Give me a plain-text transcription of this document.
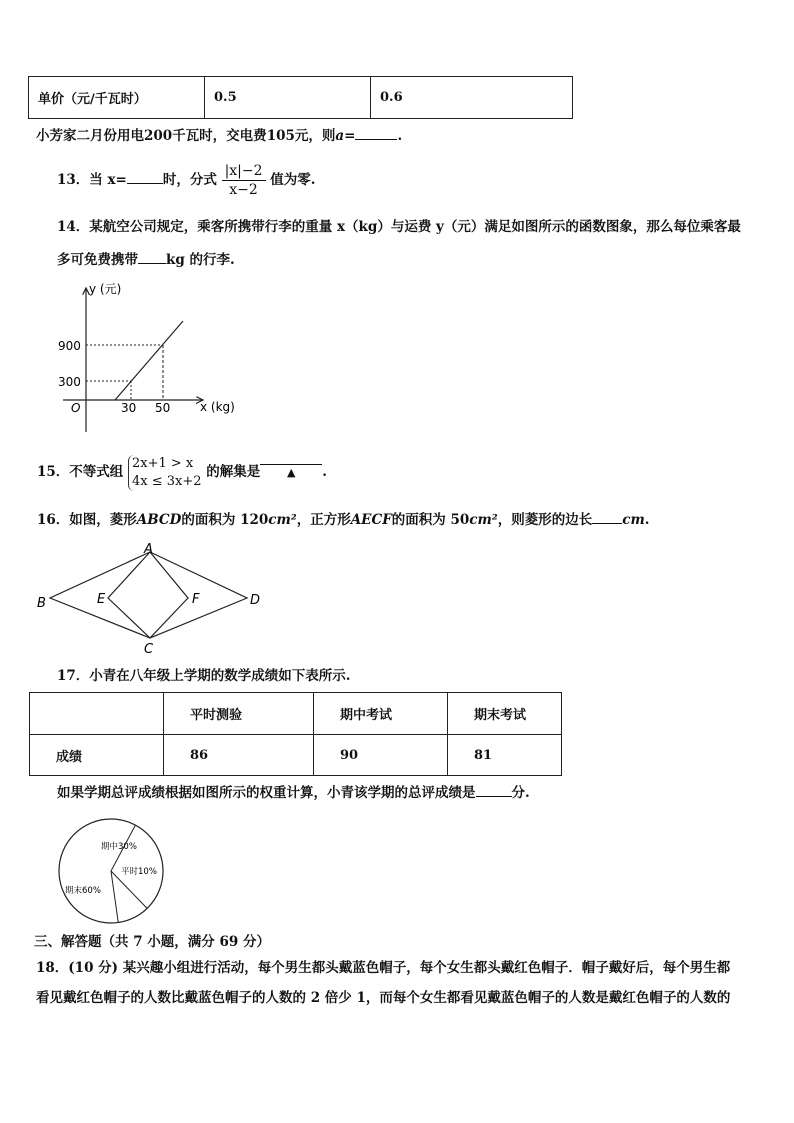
单价（元/千瓦时）	0.5	0.6
小芳家二月份用电200千瓦时，交电费105元，则a=	.
13．当 x=	时，分式 $\frac{|x|-2}{x-2}$ 值为零.
14．某航空公司规定，乘客所携带行李的重量 x（kg）与运费 y（元）满足如图所示的函数图象，那么每位乘客最
多可免费携带 kg 的行李.
y (元)
900
300
O	30 50 x (kg)
15．不等式组
2x+1 > x
4x ≤ 3x+2
的解集是 ▲ .
16．如图，菱形ABCD的面积为 120cm²，正方形AECF的面积为 50cm²，则菱形的边长 cm.
A
B
C
D
E	F
17．小青在八年级上学期的数学成绩如下表所示.
	平时测验	期中考试	期末考试
成绩	86	90	81
如果学期总评成绩根据如图所示的权重计算，小青该学期的总评成绩是	分.
期中30%
平时10%
期末60%
三、解答题（共 7 小题，满分 69 分）
18．(10 分) 某兴趣小组进行活动，每个男生都头戴蓝色帽子，每个女生都头戴红色帽子．帽子戴好后，每个男生都
看见戴红色帽子的人数比戴蓝色帽子的人数的 2 倍少 1，而每个女生都看见戴蓝色帽子的人数是戴红色帽子的人数的
